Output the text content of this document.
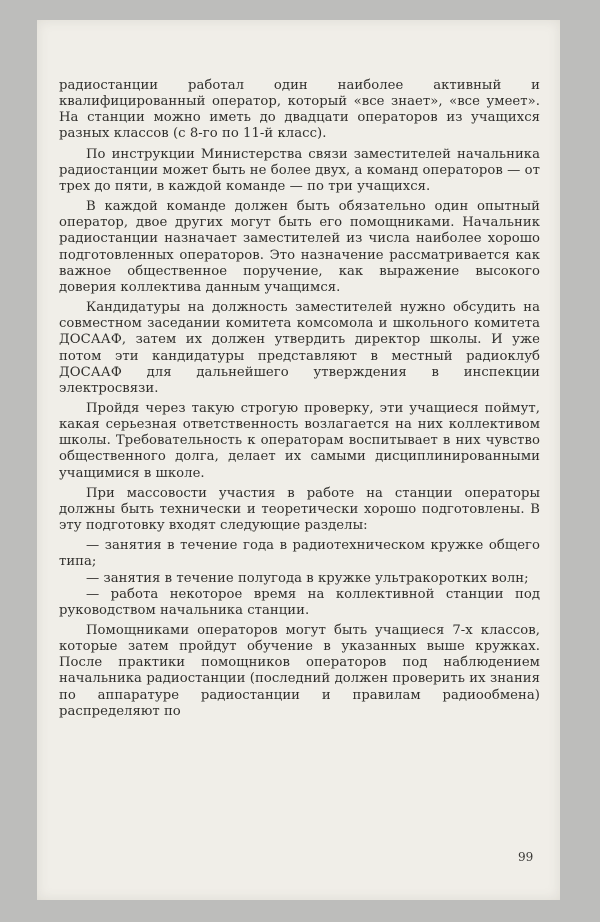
радиостанции работал один наиболее активный и квалифицированный оператор, который «все знает», «все умеет». На станции можно иметь до двадцати операторов из учащихся разных классов (с 8-го по 11-й класс).

По инструкции Министерства связи заместителей начальника радиостанции может быть не более двух, а команд операторов — от трех до пяти, в каждой команде — по три учащихся.

В каждой команде должен быть обязательно один опытный оператор, двое других могут быть его помощниками. Начальник радиостанции назначает заместителей из числа наиболее хорошо подготовленных операторов. Это назначение рассматривается как важное общественное поручение, как выражение высокого доверия коллектива данным учащимся.

Кандидатуры на должность заместителей нужно обсудить на совместном заседании комитета комсомола и школьного комитета ДОСААФ, затем их должен утвердить директор школы. И уже потом эти кандидатуры представляют в местный радиоклуб ДОСААФ для дальнейшего утверждения в инспекции электросвязи.

Пройдя через такую строгую проверку, эти учащиеся поймут, какая серьезная ответственность возлагается на них коллективом школы. Требовательность к операторам воспитывает в них чувство общественного долга, делает их самыми дисциплинированными учащимися в школе.

При массовости участия в работе на станции операторы должны быть технически и теоретически хорошо подготовлены. В эту подготовку входят следующие разделы:

— занятия в течение года в радиотехническом кружке общего типа;

— занятия в течение полугода в кружке ультракоротких волн;

— работа некоторое время на коллективной станции под руководством начальника станции.

Помощниками операторов могут быть учащиеся 7-х классов, которые затем пройдут обучение в указанных выше кружках. После практики помощников операторов под наблюдением начальника радиостанции (последний должен проверить их знания по аппаратуре радиостанции и правилам радиообмена) распределяют по

99
